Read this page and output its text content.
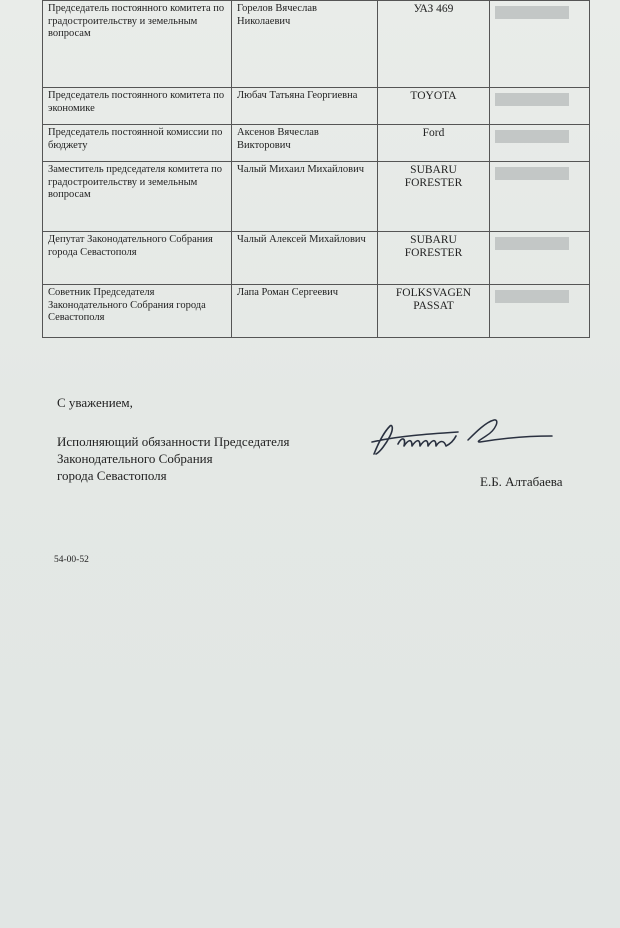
Председатель постоянного комитета по градостроительству и земельным вопросам	Горелов Вячеслав Николаевич	УАЗ 469	

Председатель постоянного комитета по экономике	Любач Татьяна Георгиевна	TOYOTA	

Председатель постоянной комиссии по бюджету	Аксенов Вячеслав Викторович	Ford	

Заместитель председателя комитета по градостроительству и земельным вопросам	Чалый Михаил Михайлович	SUBARU FORESTER	

Депутат Законодательного Собрания города Севастополя	Чалый Алексей Михайлович	SUBARU FORESTER	

Советник Председателя Законодательного Собрания города Севастополя	Лапа Роман Сергеевич	FOLKSVAGEN PASSAT	
С уважением,
Исполняющий обязанности Председателя
Законодательного Собрания
города Севастополя	Е.Б. Алтабаева
54-00-52
